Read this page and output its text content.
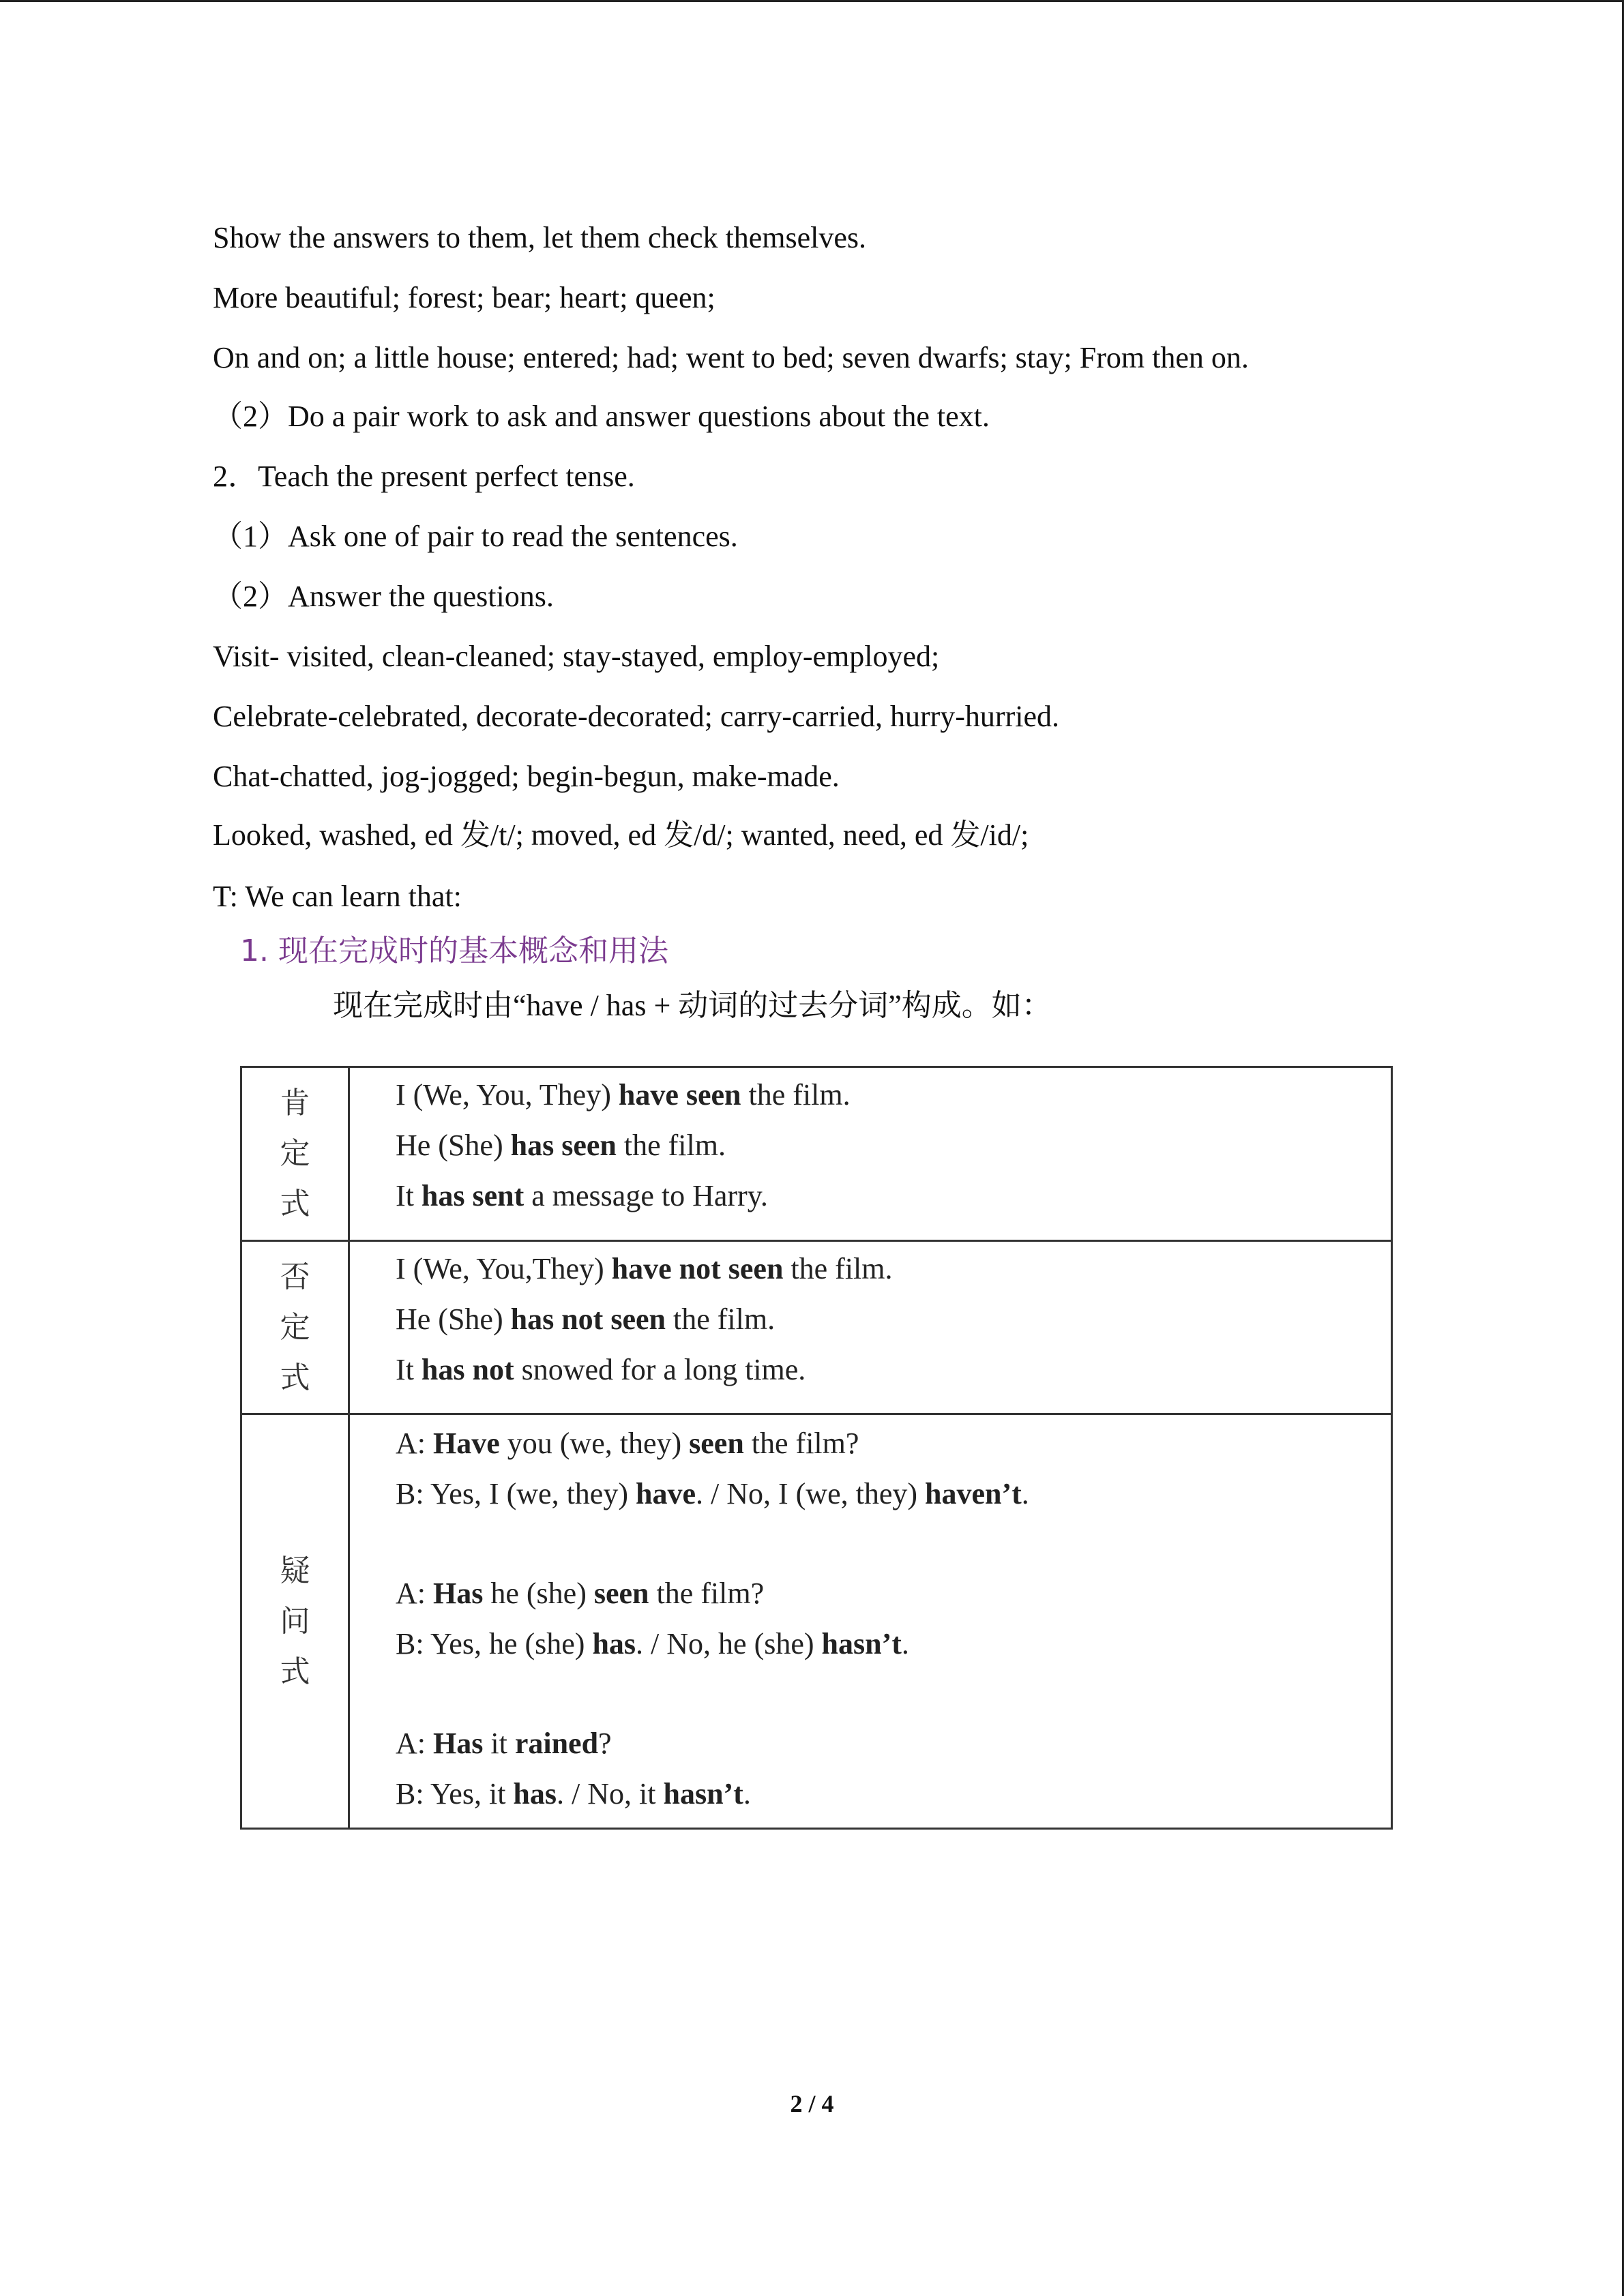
Show the answers to them, let them check themselves.
More beautiful; forest; bear; heart; queen;
On and on; a little house; entered; had; went to bed; seven dwarfs; stay; From then on.
（2）Do a pair work to ask and answer questions about the text.
2．Teach the present perfect tense.
（1）Ask one of pair to read the sentences.
（2）Answer the questions.
Visit- visited, clean-cleaned; stay-stayed, employ-employed;
Celebrate-celebrated, decorate-decorated; carry-carried, hurry-hurried.
Chat-chatted, jog-jogged; begin-begun, make-made.
Looked, washed, ed 发/t/; moved, ed 发/d/; wanted, need, ed 发/id/;
T: We can learn that:
1. 现在完成时的基本概念和用法
现在完成时由“have / has + 动词的过去分词”构成。如：
肯定式
I (We, You, They) have seen the film.
He (She) has seen the film.
It has sent a message to Harry.
否定式
I (We, You,They) have not seen the film.
He (She) has not seen the film.
It has not snowed for a long time.
疑问式
A: Have you (we, they) seen the film?
B: Yes, I (we, they) have. / No, I (we, they) haven’t.
A: Has he (she) seen the film?
B: Yes, he (she) has. / No, he (she) hasn’t.
A: Has it rained?
B: Yes, it has. / No, it hasn’t.
2 / 4
